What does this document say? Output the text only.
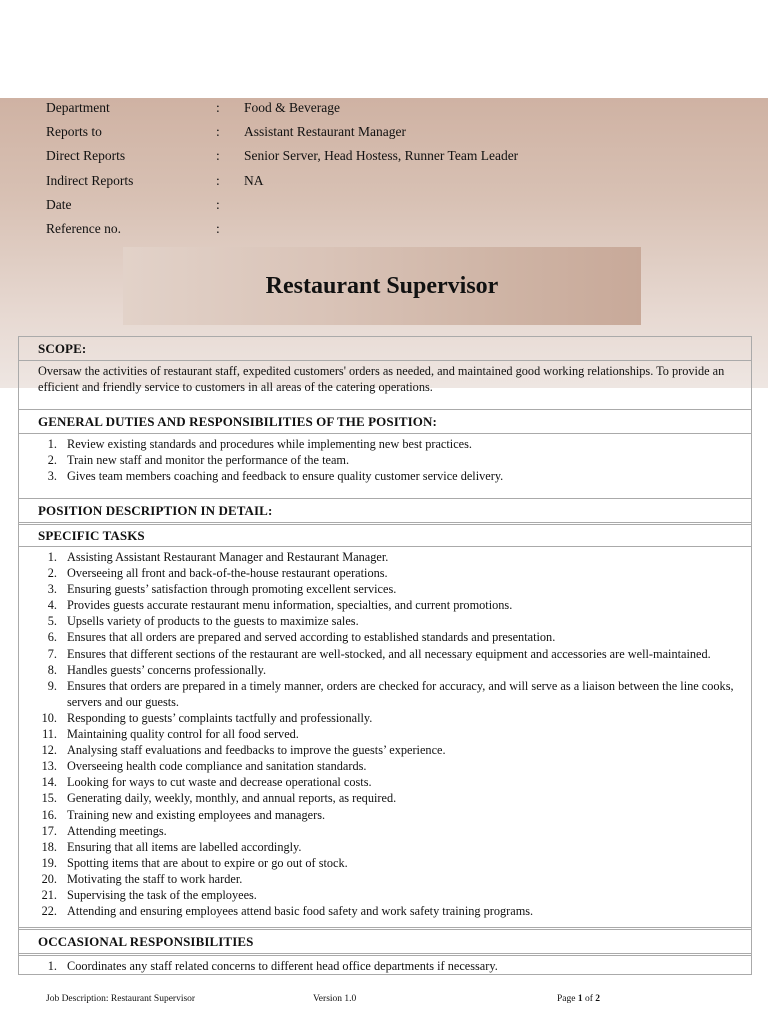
Department	:	Food & Beverage
Reports to	:	Assistant Restaurant Manager
Direct Reports	:	Senior Server, Head Hostess, Runner Team Leader
Indirect Reports	:	NA
Date	:	
Reference no.	:	
Restaurant Supervisor
SCOPE:
Oversaw the activities of restaurant staff, expedited customers' orders as needed, and maintained good working relationships. To provide an efficient and friendly service to customers in all areas of the catering operations.
GENERAL DUTIES AND RESPONSIBILITIES OF THE POSITION:
1. Review existing standards and procedures while implementing new best practices.
2. Train new staff and monitor the performance of the team.
3. Gives team members coaching and feedback to ensure quality customer service delivery.
POSITION DESCRIPTION IN DETAIL:
SPECIFIC TASKS
1. Assisting Assistant Restaurant Manager and Restaurant Manager.
2. Overseeing all front and back-of-the-house restaurant operations.
3. Ensuring guests’ satisfaction through promoting excellent services.
4. Provides guests accurate restaurant menu information, specialties, and current promotions.
5. Upsells variety of products to the guests to maximize sales.
6. Ensures that all orders are prepared and served according to established standards and presentation.
7. Ensures that different sections of the restaurant are well-stocked, and all necessary equipment and accessories are well-maintained.
8. Handles guests’ concerns professionally.
9. Ensures that orders are prepared in a timely manner, orders are checked for accuracy, and will serve as a liaison between the line cooks, servers and our guests.
10. Responding to guests’ complaints tactfully and professionally.
11. Maintaining quality control for all food served.
12. Analysing staff evaluations and feedbacks to improve the guests’ experience.
13. Overseeing health code compliance and sanitation standards.
14. Looking for ways to cut waste and decrease operational costs.
15. Generating daily, weekly, monthly, and annual reports, as required.
16. Training new and existing employees and managers.
17. Attending meetings.
18. Ensuring that all items are labelled accordingly.
19. Spotting items that are about to expire or go out of stock.
20. Motivating the staff to work harder.
21. Supervising the task of the employees.
22. Attending and ensuring employees attend basic food safety and work safety training programs.
OCCASIONAL RESPONSIBILITIES
1. Coordinates any staff related concerns to different head office departments if necessary.
Job Description: Restaurant Supervisor	Version 1.0	Page 1 of 2
